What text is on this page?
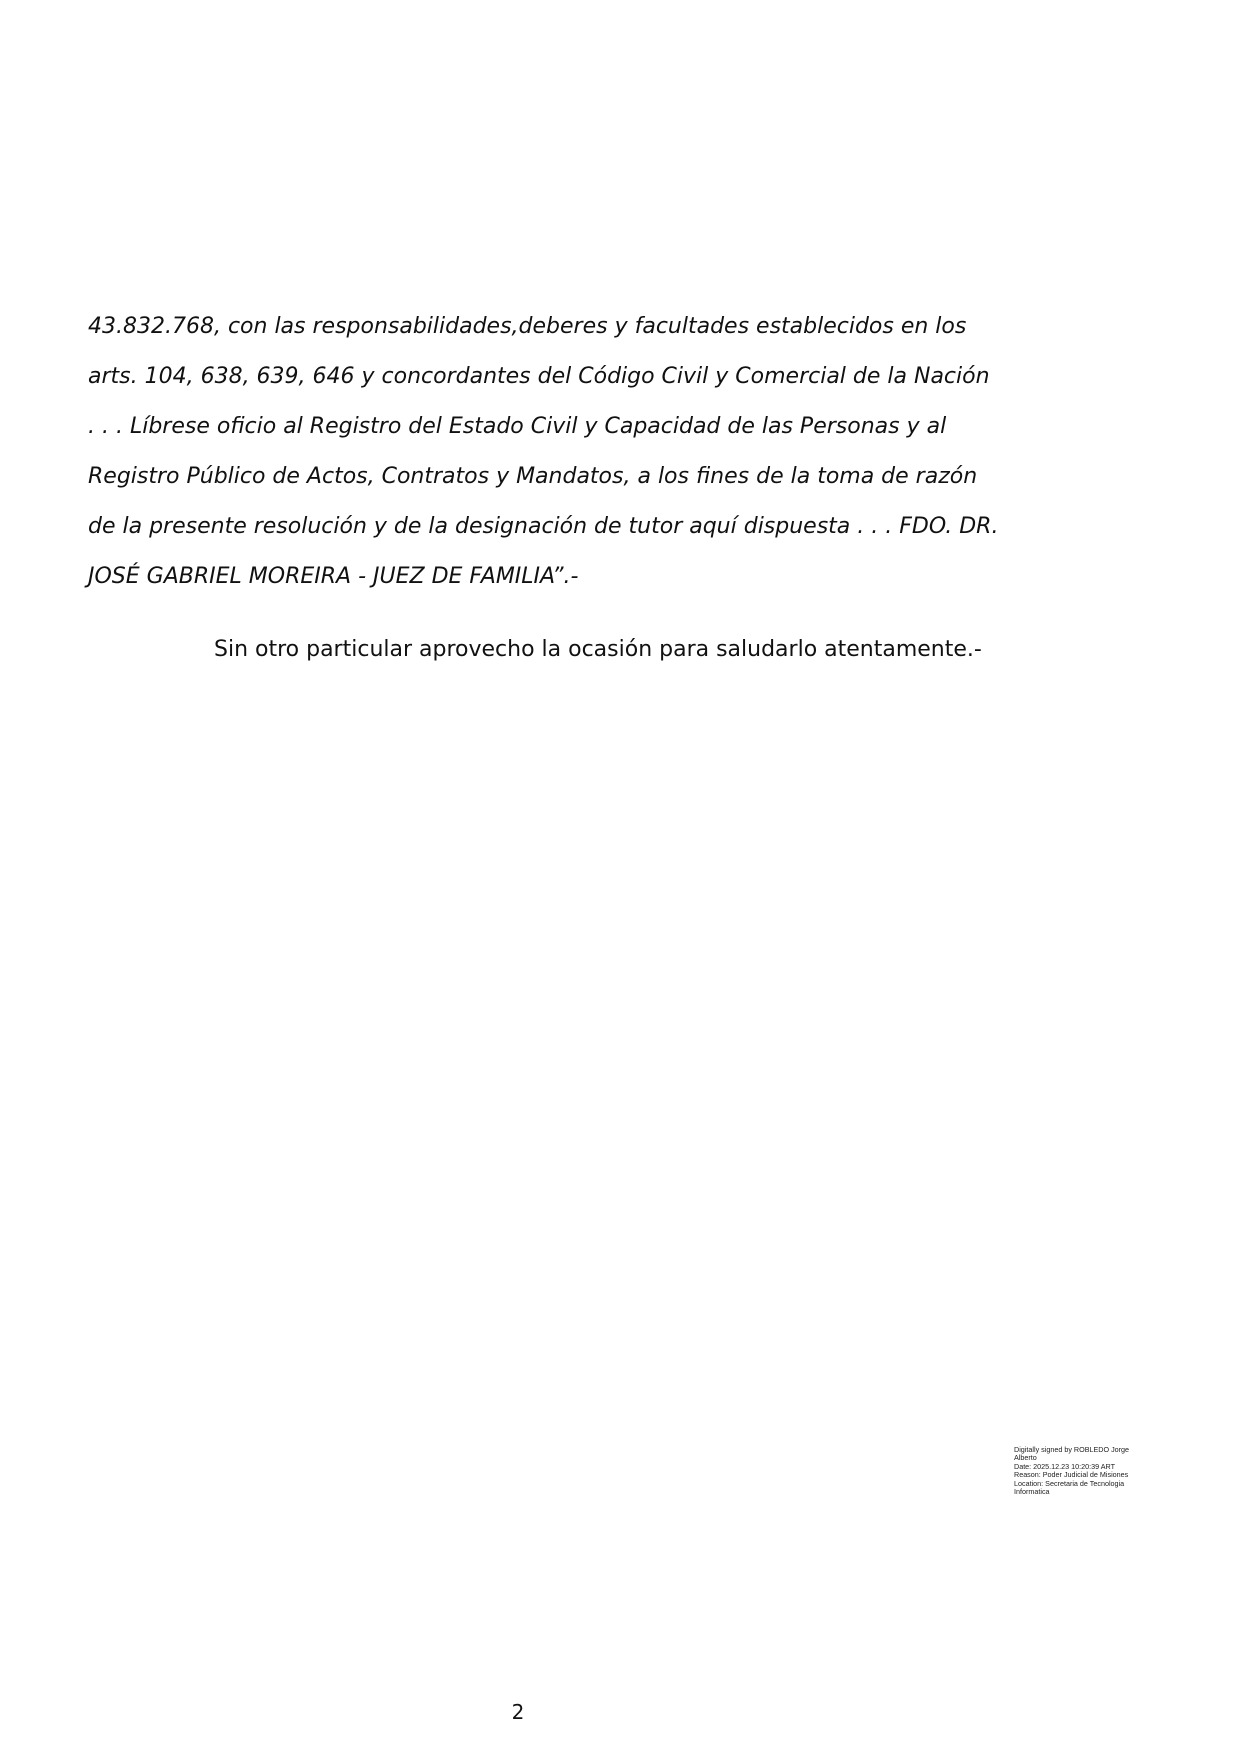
43.832.768, con las responsabilidades,deberes y facultades establecidos en los
arts. 104, 638, 639, 646 y concordantes del Código Civil y Comercial de la Nación
. . . Líbrese oficio al Registro del Estado Civil y Capacidad de las Personas y al
Registro Público de Actos, Contratos y Mandatos, a los fines de la toma de razón
de la presente resolución y de la designación de tutor aquí dispuesta . . . FDO. DR.
JOSÉ GABRIEL MOREIRA - JUEZ DE FAMILIA”.-
Sin otro particular aprovecho la ocasión para saludarlo atentamente.-
Digitally signed by ROBLEDO Jorge
Alberto
Date: 2025.12.23 10:20:39 ART
Reason: Poder Judicial de Misiones
Location: Secretaria de Tecnologia
Informatica
2
